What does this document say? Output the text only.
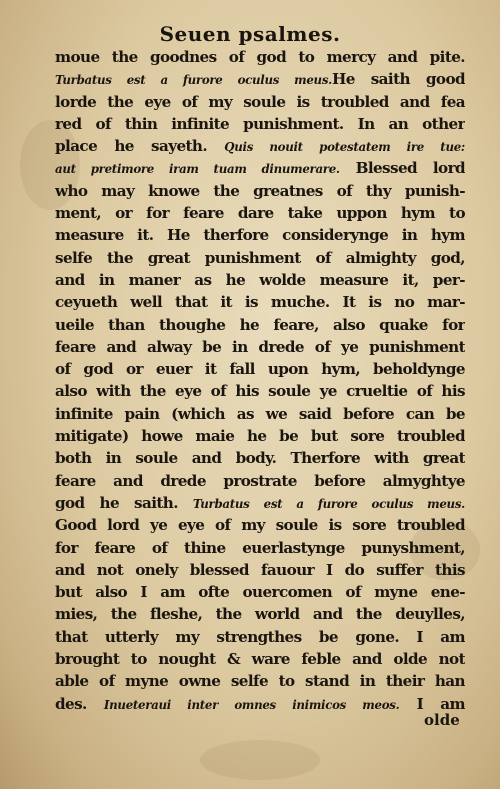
Seuen psalmes.
moue the goodnes of god to mercy and pite.
Turbatus est a furore oculus meus.He saith good
lorde the eye of my soule is troubled and fea
red of thin infinite punishment. In an other
place he sayeth. Quis nouit potestatem ire tue:
aut pretimore iram tuam dinumerare. Blessed lord
who may knowe the greatnes of thy punish-
ment, or for feare dare take uppon hym to
measure it. He therfore considerynge in hym
selfe the great punishment of almighty god,
and in maner as he wolde measure it, per-
ceyueth well that it is muche. It is no mar-
ueile than thoughe he feare, also quake for
feare and alway be in drede of ye punishment
of god or euer it fall upon hym, beholdynge
also with the eye of his soule ye crueltie of his
infinite pain (which as we said before can be
mitigate) howe maie he be but sore troubled
both in soule and body. Therfore with great
feare and drede prostrate before almyghtye
god he saith. Turbatus est a furore oculus meus.
Good lord ye eye of my soule is sore troubled
for feare of thine euerlastynge punyshment,
and not onely blessed fauour I do suffer this
but also I am ofte ouercomen of myne ene-
mies, the fleshe, the world and the deuylles,
that utterly my strengthes be gone. I am
brought to nought & ware feble and olde not
able of myne owne selfe to stand in their han
des. Inueteraui inter omnes inimicos meos. I am
olde
